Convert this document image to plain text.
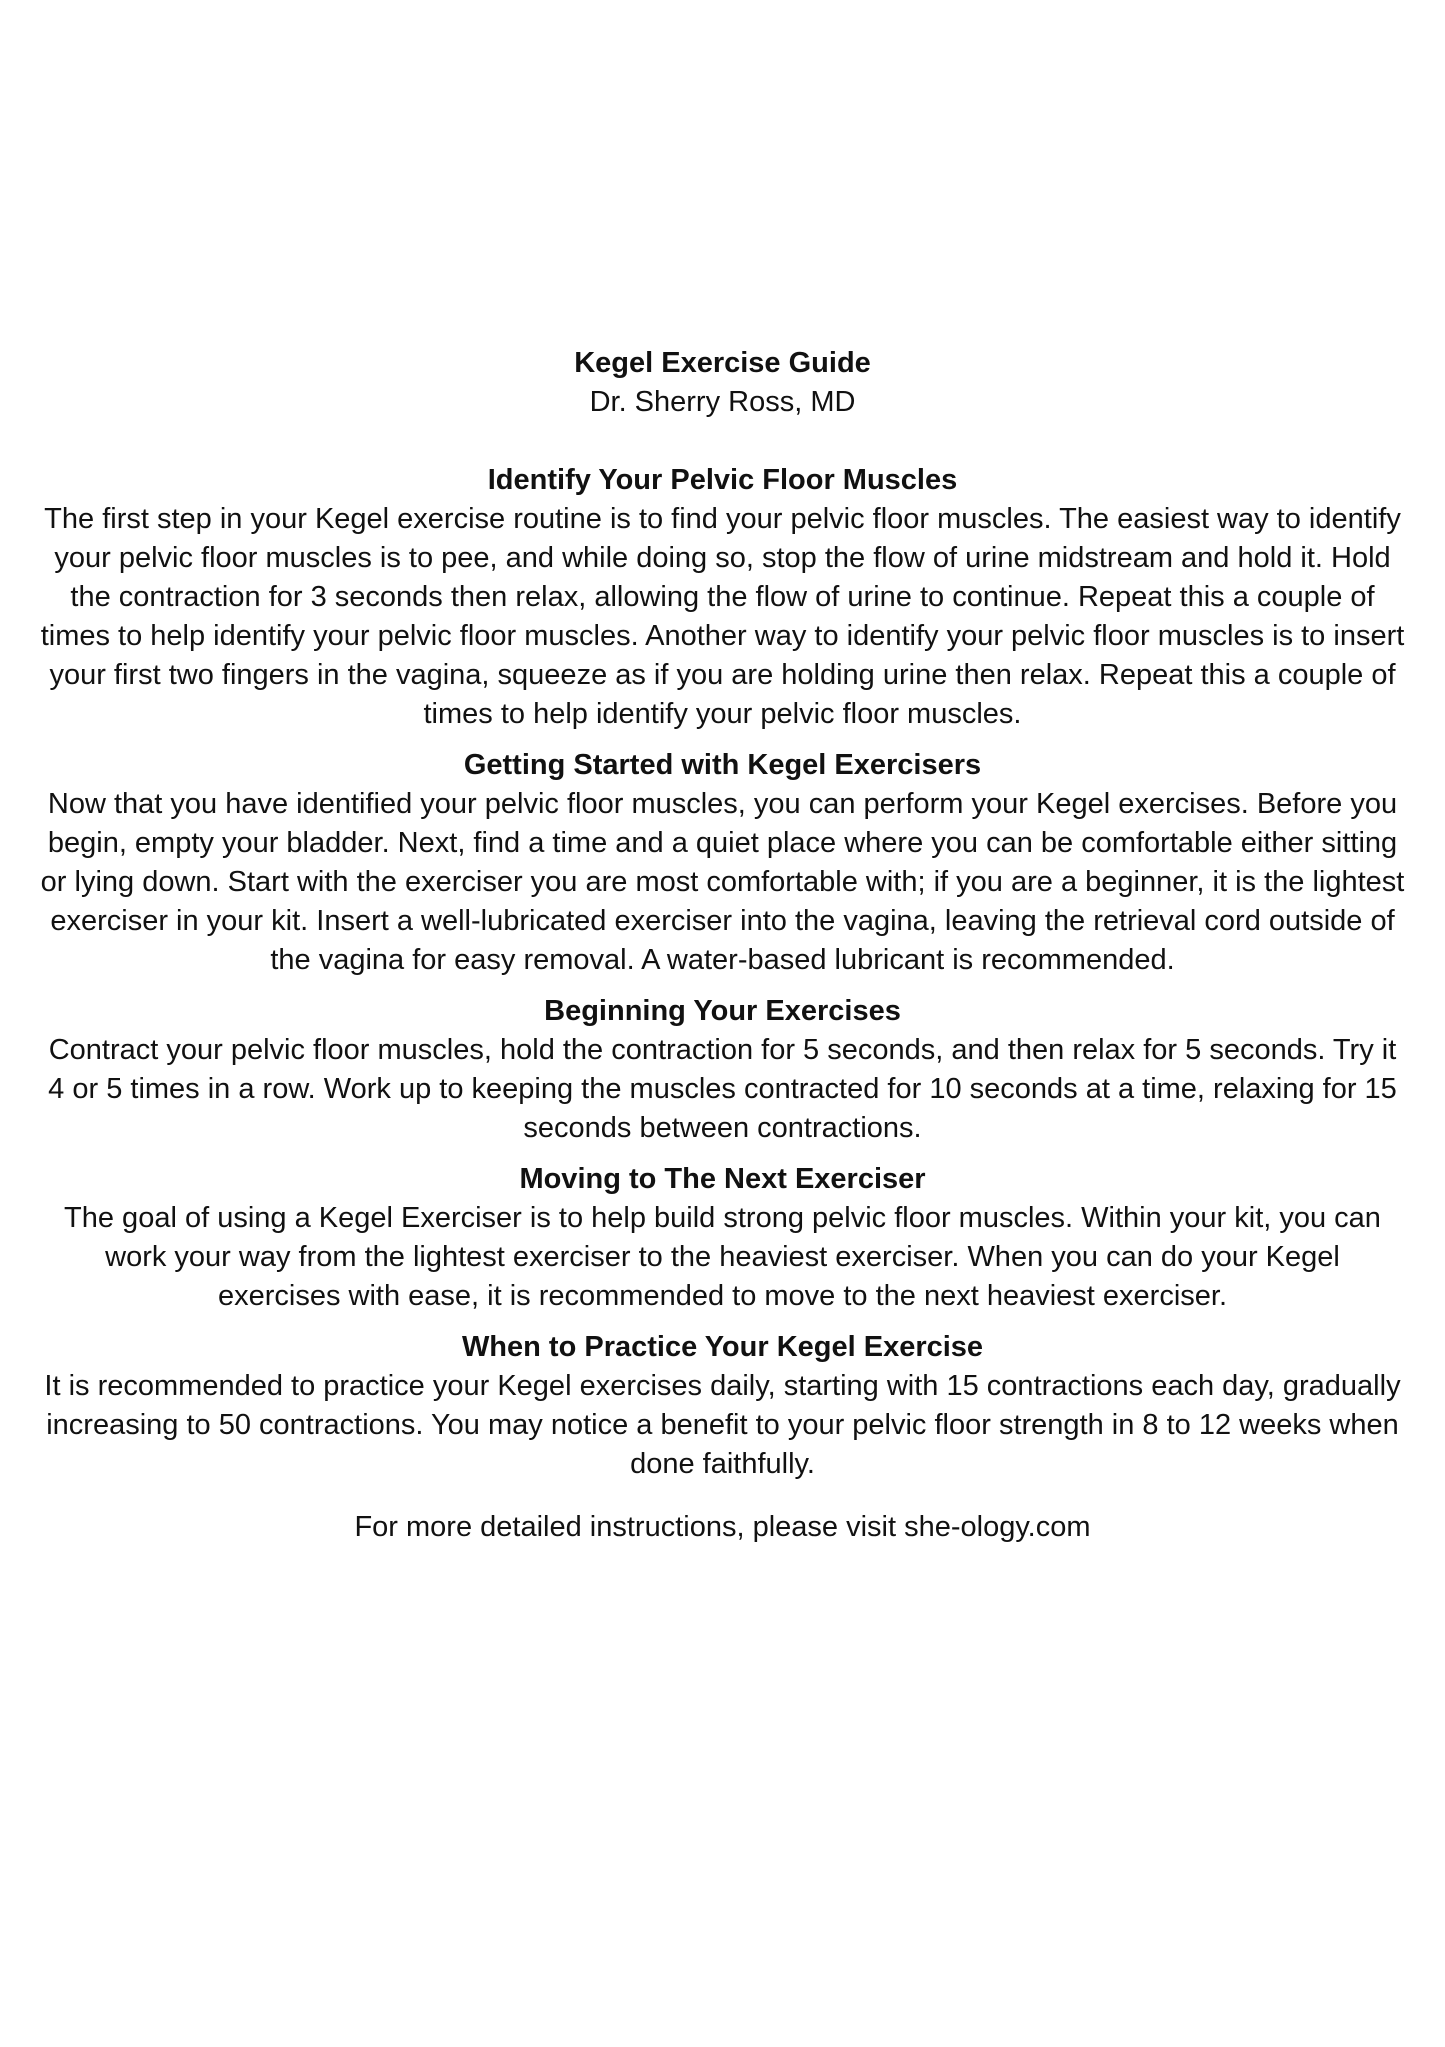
Kegel Exercise Guide
Dr. Sherry Ross, MD
Identify Your Pelvic Floor Muscles

The first step in your Kegel exercise routine is to find your pelvic floor muscles. The easiest way to identify your pelvic floor muscles is to pee, and while doing so, stop the flow of urine midstream and hold it. Hold the contraction for 3 seconds then relax, allowing the flow of urine to continue. Repeat this a couple of times to help identify your pelvic floor muscles. Another way to identify your pelvic floor muscles is to insert your first two fingers in the vagina, squeeze as if you are holding urine then relax. Repeat this a couple of times to help identify your pelvic floor muscles.

Getting Started with Kegel Exercisers

Now that you have identified your pelvic floor muscles, you can perform your Kegel exercises. Before you begin, empty your bladder. Next, find a time and a quiet place where you can be comfortable either sitting or lying down. Start with the exerciser you are most comfortable with; if you are a beginner, it is the lightest exerciser in your kit. Insert a well-lubricated exerciser into the vagina, leaving the retrieval cord outside of the vagina for easy removal. A water-based lubricant is recommended.

Beginning Your Exercises

Contract your pelvic floor muscles, hold the contraction for 5 seconds, and then relax for 5 seconds. Try it 4 or 5 times in a row. Work up to keeping the muscles contracted for 10 seconds at a time, relaxing for 15 seconds between contractions.

Moving to The Next Exerciser

The goal of using a Kegel Exerciser is to help build strong pelvic floor muscles. Within your kit, you can work your way from the lightest exerciser to the heaviest exerciser. When you can do your Kegel exercises with ease, it is recommended to move to the next heaviest exerciser.

When to Practice Your Kegel Exercise

It is recommended to practice your Kegel exercises daily, starting with 15 contractions each day, gradually increasing to 50 contractions. You may notice a benefit to your pelvic floor strength in 8 to 12 weeks when done faithfully.

For more detailed instructions, please visit she-ology.com
